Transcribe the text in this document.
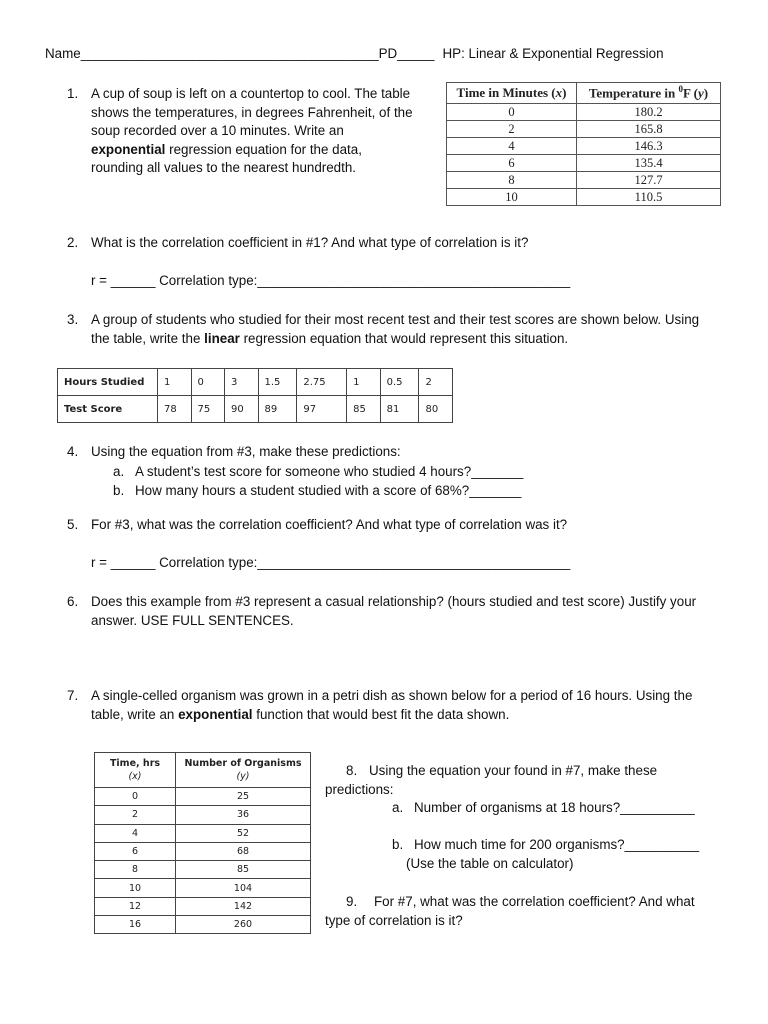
Name________________________________________PD_____ HP: Linear & Exponential Regression
1. A cup of soup is left on a countertop to cool. The table
shows the temperatures, in degrees Fahrenheit, of the
soup recorded over a 10 minutes. Write an
exponential regression equation for the data,
rounding all values to the nearest hundredth.
Time in Minutes (x)	Temperature in $^0$F (y)
0	180.2
2	165.8
4	146.3
6	135.4
8	127.7
10	110.5
2. What is the correlation coefficient in #1? And what type of correlation is it?
r = ______ Correlation type:__________________________________________
3. A group of students who studied for their most recent test and their test scores are shown below. Using
the table, write the linear regression equation that would represent this situation.
Hours Studied	1	0	3	1.5	2.75	1	0.5	2
Test Score	78	75	90	89	97	85	81	80
4. Using the equation from #3, make these predictions:
a. A student’s test score for someone who studied 4 hours?_______
b. How many hours a student studied with a score of 68%?_______
5. For #3, what was the correlation coefficient? And what type of correlation was it?
r = ______ Correlation type:__________________________________________
6. Does this example from #3 represent a casual relationship? (hours studied and test score) Justify your
answer. USE FULL SENTENCES.
7. A single-celled organism was grown in a petri dish as shown below for a period of 16 hours. Using the
table, write an exponential function that would best fit the data shown.
Time, hrs
(x)	Number of Organisms
(y)

0	25
2	36
4	52
6	68
8	85
10	104
12	142
16	260
8. Using the equation your found in #7, make these
predictions:
a. Number of organisms at 18 hours?__________
b. How much time for 200 organisms?__________
(Use the table on calculator)
9. For #7, what was the correlation coefficient? And what
type of correlation is it?
